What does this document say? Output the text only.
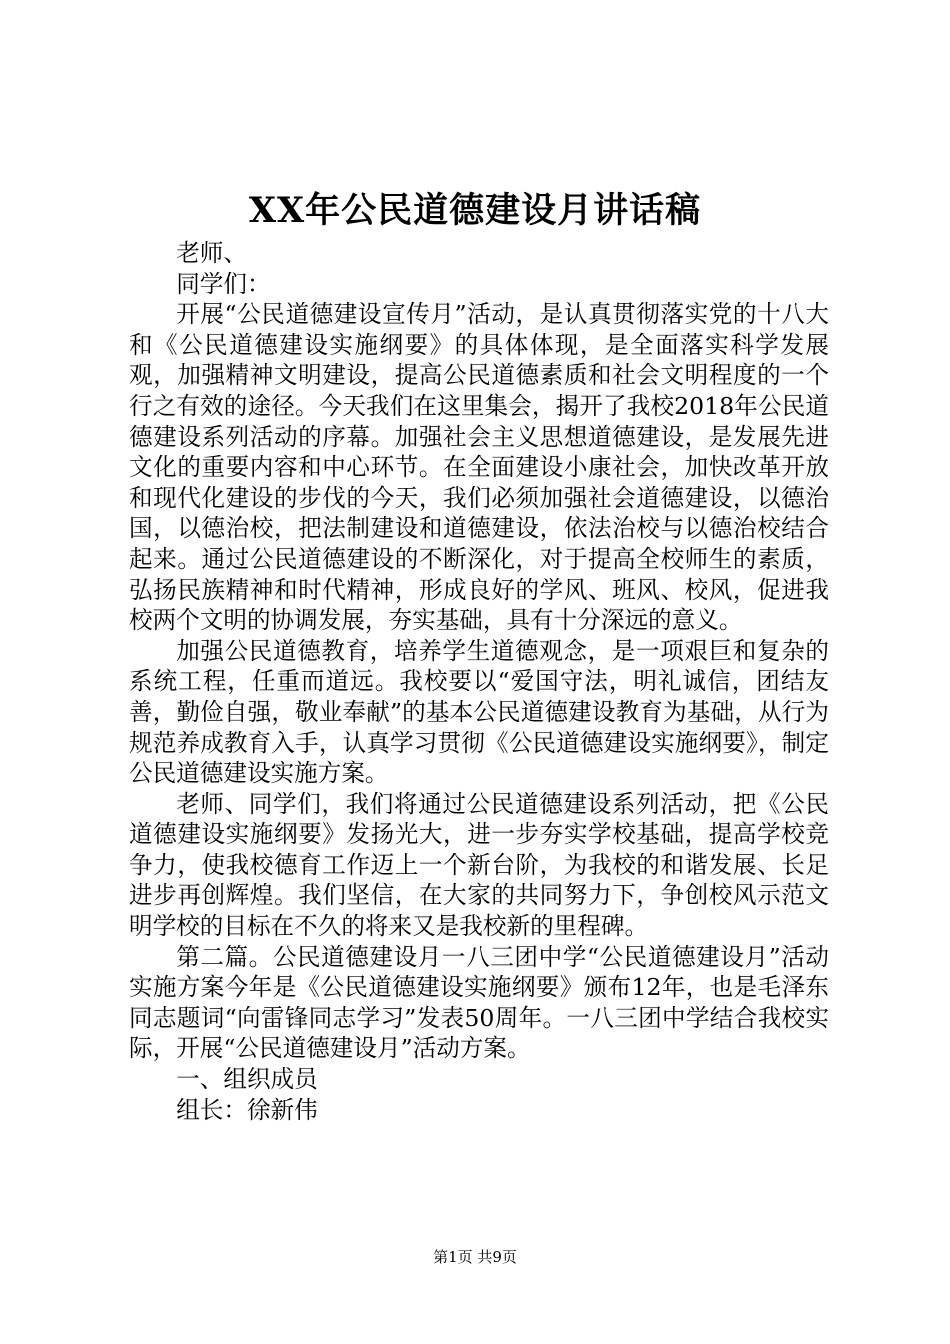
XX年公民道德建设月讲话稿

老师、

同学们：

开展“公民道德建设宣传月”活动，是认真贯彻落实党的十八大和《公民道德建设实施纲要》的具体体现，是全面落实科学发展观，加强精神文明建设，提高公民道德素质和社会文明程度的一个行之有效的途径。今天我们在这里集会，揭开了我校2018年公民道德建设系列活动的序幕。加强社会主义思想道德建设，是发展先进文化的重要内容和中心环节。在全面建设小康社会，加快改革开放和现代化建设的步伐的今天，我们必须加强社会道德建设，以德治国，以德治校，把法制建设和道德建设，依法治校与以德治校结合起来。通过公民道德建设的不断深化，对于提高全校师生的素质，弘扬民族精神和时代精神，形成良好的学风、班风、校风，促进我校两个文明的协调发展，夯实基础，具有十分深远的意义。

加强公民道德教育，培养学生道德观念，是一项艰巨和复杂的系统工程，任重而道远。我校要以“爱国守法，明礼诚信，团结友善，勤俭自强，敬业奉献”的基本公民道德建设教育为基础，从行为规范养成教育入手，认真学习贯彻《公民道德建设实施纲要》，制定公民道德建设实施方案。

老师、同学们，我们将通过公民道德建设系列活动，把《公民道德建设实施纲要》发扬光大，进一步夯实学校基础，提高学校竞争力，使我校德育工作迈上一个新台阶，为我校的和谐发展、长足进步再创辉煌。我们坚信，在大家的共同努力下，争创校风示范文明学校的目标在不久的将来又是我校新的里程碑。

第二篇。公民道德建设月一八三团中学“公民道德建设月”活动实施方案今年是《公民道德建设实施纲要》颁布12年，也是毛泽东同志题词“向雷锋同志学习”发表50周年。一八三团中学结合我校实际，开展“公民道德建设月”活动方案。

一、组织成员

组长：徐新伟

第1页 共9页
